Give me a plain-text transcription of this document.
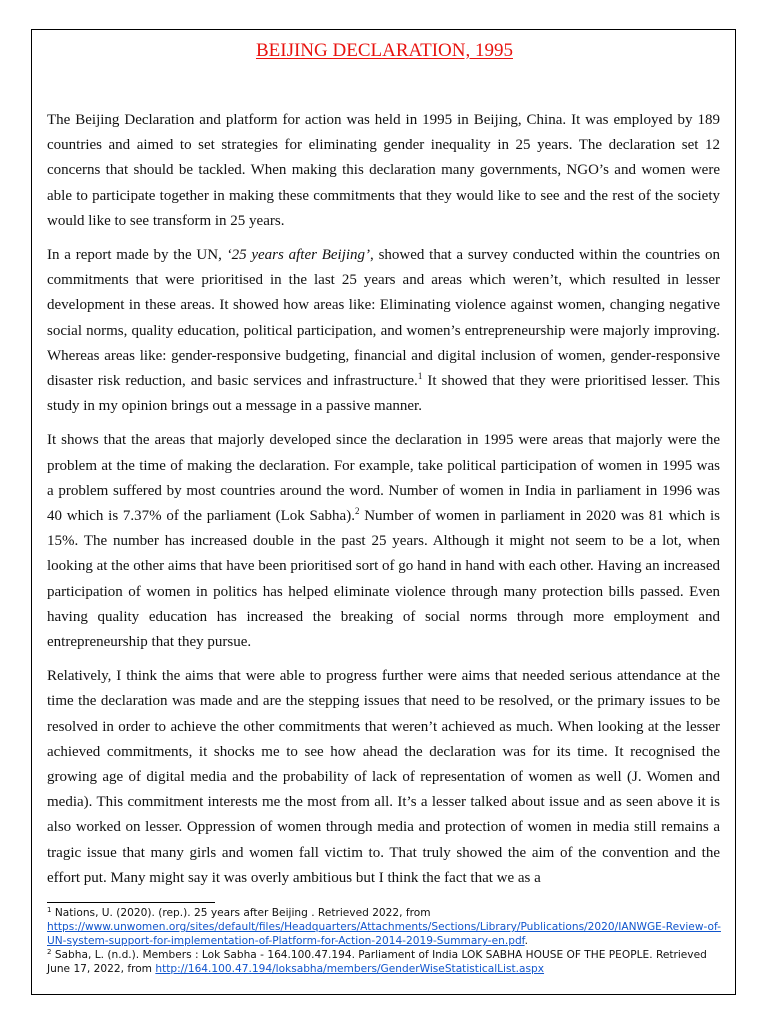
BEIJING DECLARATION, 1995

The Beijing Declaration and platform for action was held in 1995 in Beijing, China. It was employed by 189 countries and aimed to set strategies for eliminating gender inequality in 25 years. The declaration set 12 concerns that should be tackled. When making this declaration many governments, NGO’s and women were able to participate together in making these commitments that they would like to see and the rest of the society would like to see transform in 25 years.

In a report made by the UN, ‘25 years after Beijing’, showed that a survey conducted within the countries on commitments that were prioritised in the last 25 years and areas which weren’t, which resulted in lesser development in these areas. It showed how areas like: Eliminating violence against women, changing negative social norms, quality education, political participation, and women’s entrepreneurship were majorly improving. Whereas areas like: gender-responsive budgeting, financial and digital inclusion of women, gender-responsive disaster risk reduction, and basic services and infrastructure.$^1$ It showed that they were prioritised lesser. This study in my opinion brings out a message in a passive manner.

It shows that the areas that majorly developed since the declaration in 1995 were areas that majorly were the problem at the time of making the declaration. For example, take political participation of women in 1995 was a problem suffered by most countries around the word. Number of women in India in parliament in 1996 was 40 which is 7.37% of the parliament (Lok Sabha).$^2$ Number of women in parliament in 2020 was 81 which is 15%. The number has increased double in the past 25 years. Although it might not seem to be a lot, when looking at the other aims that have been prioritised sort of go hand in hand with each other. Having an increased participation of women in politics has helped eliminate violence through many protection bills passed. Even having quality education has increased the breaking of social norms through more employment and entrepreneurship that they pursue.

Relatively, I think the aims that were able to progress further were aims that needed serious attendance at the time the declaration was made and are the stepping issues that need to be resolved, or the primary issues to be resolved in order to achieve the other commitments that weren’t achieved as much. When looking at the lesser achieved commitments, it shocks me to see how ahead the declaration was for its time. It recognised the growing age of digital media and the probability of lack of representation of women as well (J. Women and media). This commitment interests me the most from all. It’s a lesser talked about issue and as seen above it is also worked on lesser. Oppression of women through media and protection of women in media still remains a tragic issue that many girls and women fall victim to. That truly showed the aim of the convention and the effort put. Many might say it was overly ambitious but I think the fact that we as a

$^1$ Nations, U. (2020). (rep.). 25 years after Beijing . Retrieved 2022, from https://www.unwomen.org/sites/default/files/Headquarters/Attachments/Sections/Library/Publications/2020/IANWGE-Review-of-UN-system-support-for-implementation-of-Platform-for-Action-2014-2019-Summary-en.pdf.
$^2$ Sabha, L. (n.d.). Members : Lok Sabha - 164.100.47.194. Parliament of India LOK SABHA HOUSE OF THE PEOPLE. Retrieved June 17, 2022, from http://164.100.47.194/loksabha/members/GenderWiseStatisticalList.aspx
